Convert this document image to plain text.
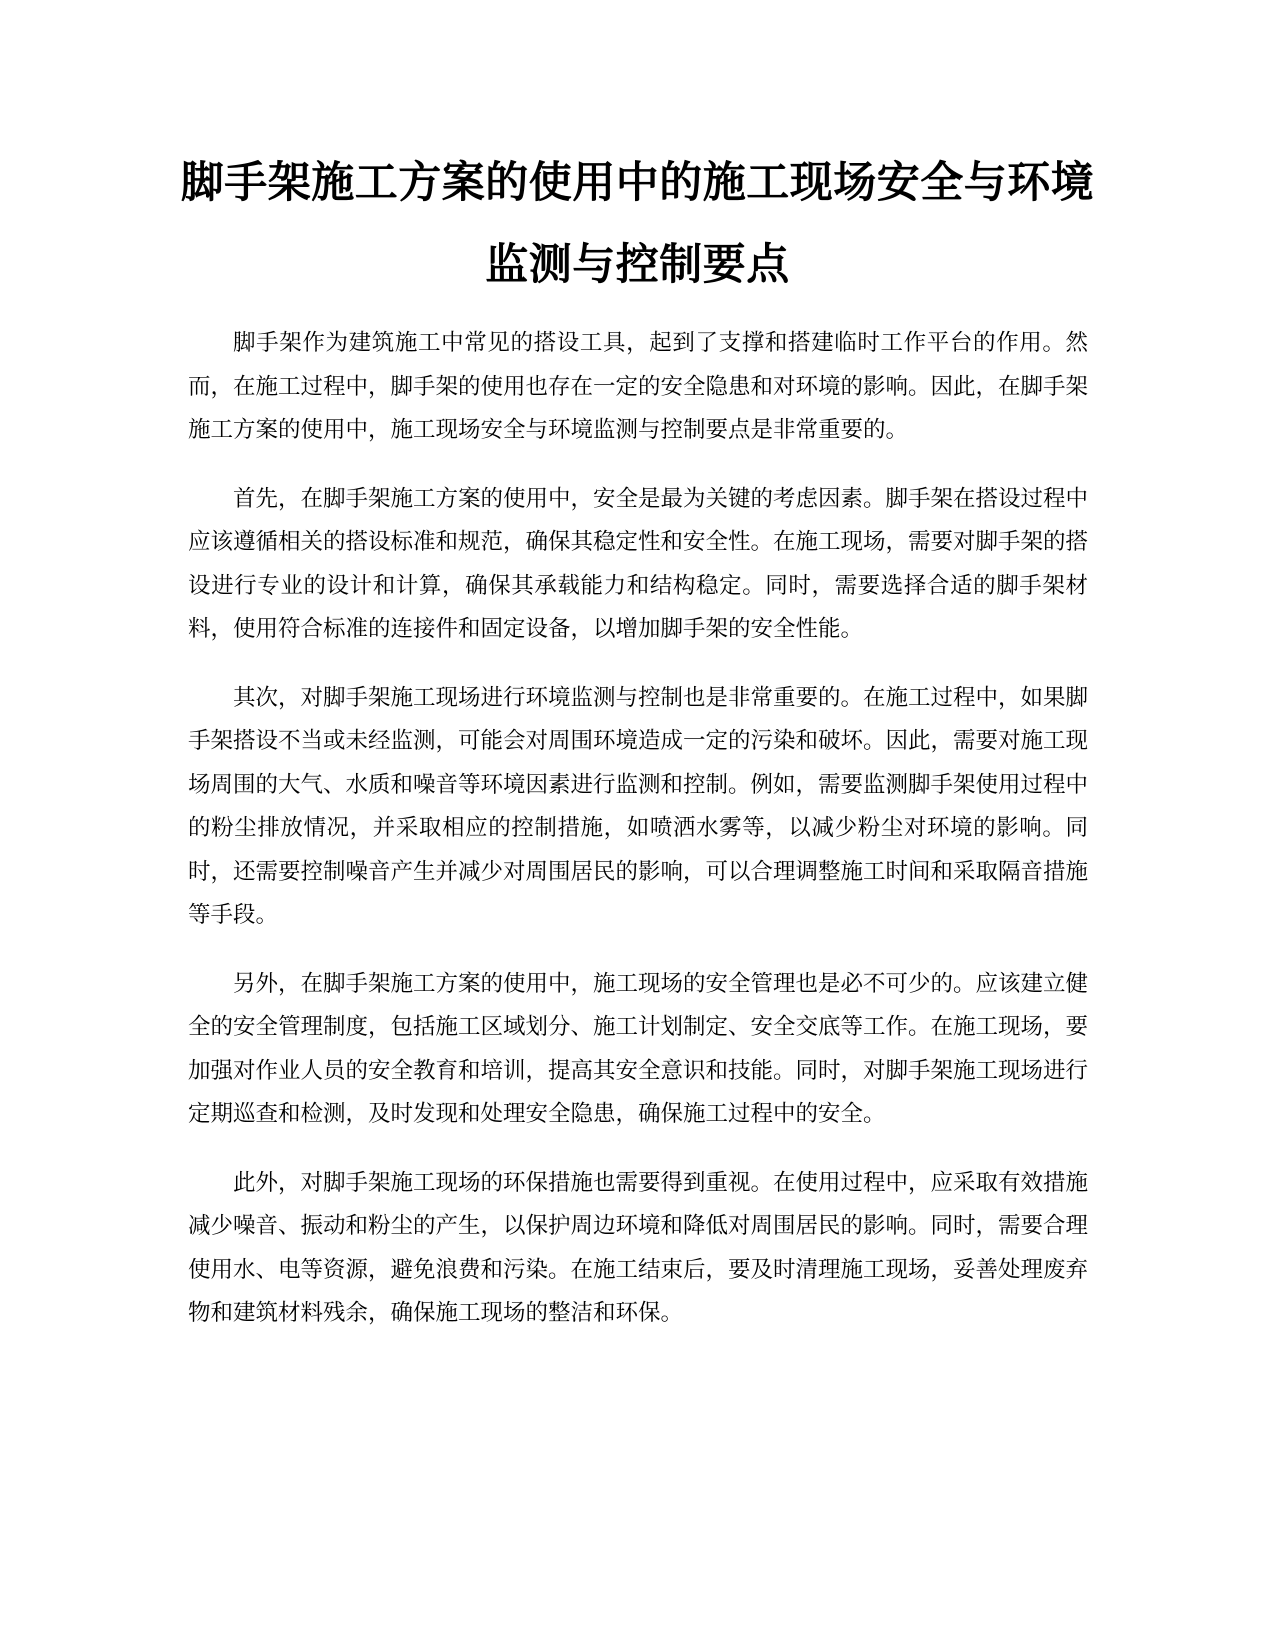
脚手架施工方案的使用中的施工现场安全与环境监测与控制要点

脚手架作为建筑施工中常见的搭设工具，起到了支撑和搭建临时工作平台的作用。然而，在施工过程中，脚手架的使用也存在一定的安全隐患和对环境的影响。因此，在脚手架施工方案的使用中，施工现场安全与环境监测与控制要点是非常重要的。

首先，在脚手架施工方案的使用中，安全是最为关键的考虑因素。脚手架在搭设过程中应该遵循相关的搭设标准和规范，确保其稳定性和安全性。在施工现场，需要对脚手架的搭设进行专业的设计和计算，确保其承载能力和结构稳定。同时，需要选择合适的脚手架材料，使用符合标准的连接件和固定设备，以增加脚手架的安全性能。

其次，对脚手架施工现场进行环境监测与控制也是非常重要的。在施工过程中，如果脚手架搭设不当或未经监测，可能会对周围环境造成一定的污染和破坏。因此，需要对施工现场周围的大气、水质和噪音等环境因素进行监测和控制。例如，需要监测脚手架使用过程中的粉尘排放情况，并采取相应的控制措施，如喷洒水雾等，以减少粉尘对环境的影响。同时，还需要控制噪音产生并减少对周围居民的影响，可以合理调整施工时间和采取隔音措施等手段。

另外，在脚手架施工方案的使用中，施工现场的安全管理也是必不可少的。应该建立健全的安全管理制度，包括施工区域划分、施工计划制定、安全交底等工作。在施工现场，要加强对作业人员的安全教育和培训，提高其安全意识和技能。同时，对脚手架施工现场进行定期巡查和检测，及时发现和处理安全隐患，确保施工过程中的安全。

此外，对脚手架施工现场的环保措施也需要得到重视。在使用过程中，应采取有效措施减少噪音、振动和粉尘的产生，以保护周边环境和降低对周围居民的影响。同时，需要合理使用水、电等资源，避免浪费和污染。在施工结束后，要及时清理施工现场，妥善处理废弃物和建筑材料残余，确保施工现场的整洁和环保。
